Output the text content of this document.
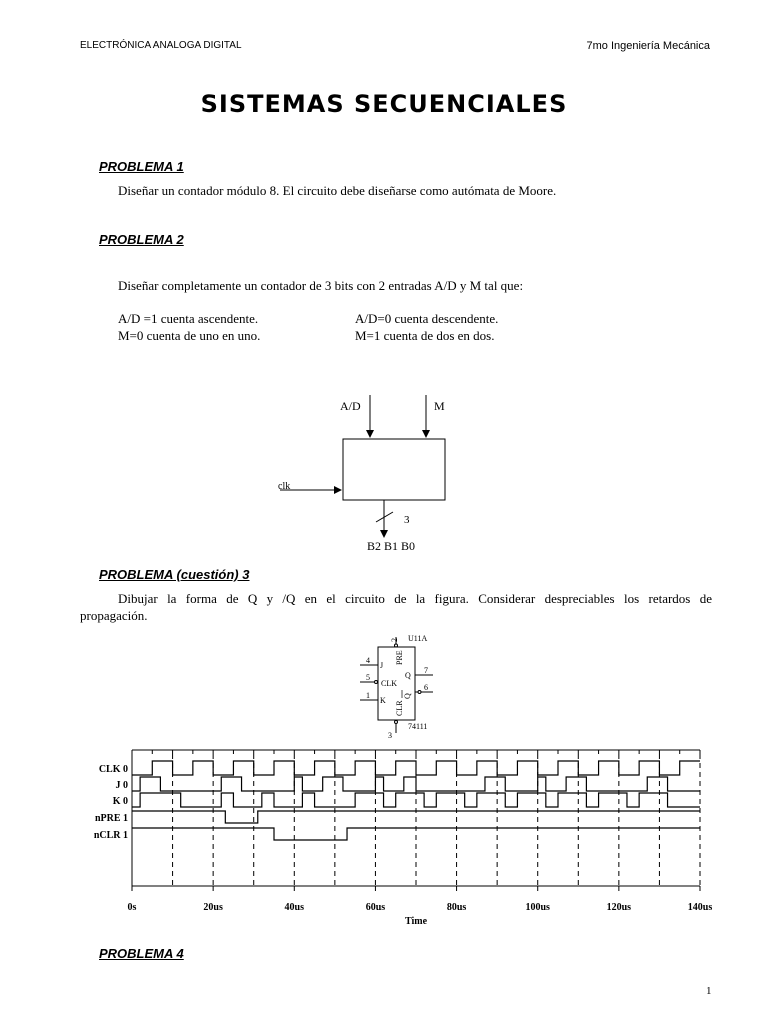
ELECTRÓNICA ANALOGA DIGITAL	7mo Ingeniería Mecánica
SISTEMAS SECUENCIALES
PROBLEMA 1
Diseñar un contador módulo 8. El circuito debe diseñarse como autómata de Moore.
PROBLEMA 2
Diseñar completamente un contador de 3 bits con 2 entradas A/D y M tal que:
A/D =1 cuenta ascendente.	A/D=0 cuenta descendente.
M=0 cuenta de uno en uno.	M=1 cuenta de dos en dos.
A/D	M
clk
3
B2 B1 B0
PROBLEMA (cuestión) 3
Dibujar la forma de Q y /Q en el circuito de la figura. Considerar despreciables los retardos de
propagación.
U11A
2
4
5
1
7
6
3
J
CLK
K
Q
Q
PRE
CLR
74111
0s	20us	40us	60us	80us	100us	120us	140us
Time
CLK 0
J 0
K 0
nPRE 1
nCLR 1
PROBLEMA 4
1
